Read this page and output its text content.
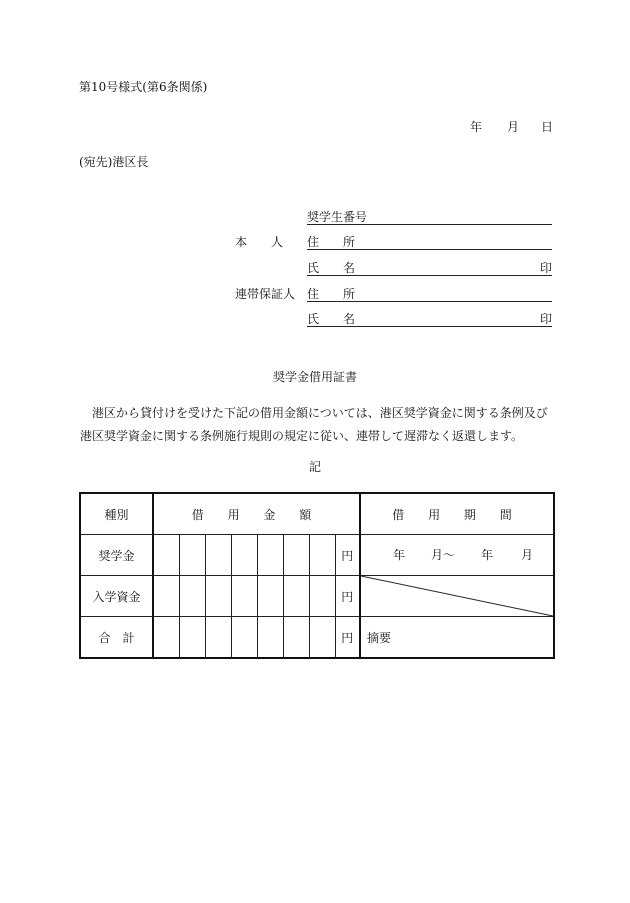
第10号様式(第6条関係)
年 月 日
(宛先)港区長
奨学生番号
本　　人 住　　所
氏　　名	印
連帯保証人 住　　所
氏　　名	印
奨学金借用証書
港区から貸付けを受けた下記の借用金額については、港区奨学資金に関する条例及び港区奨学資金に関する条例施行規則の規定に従い、連帯して遅滞なく返還します。
記
種別	借 用 金 額								借 用 期 間
奨学金								円	年 月～ 年 月

入学資金								円	

合　計								円	摘要
